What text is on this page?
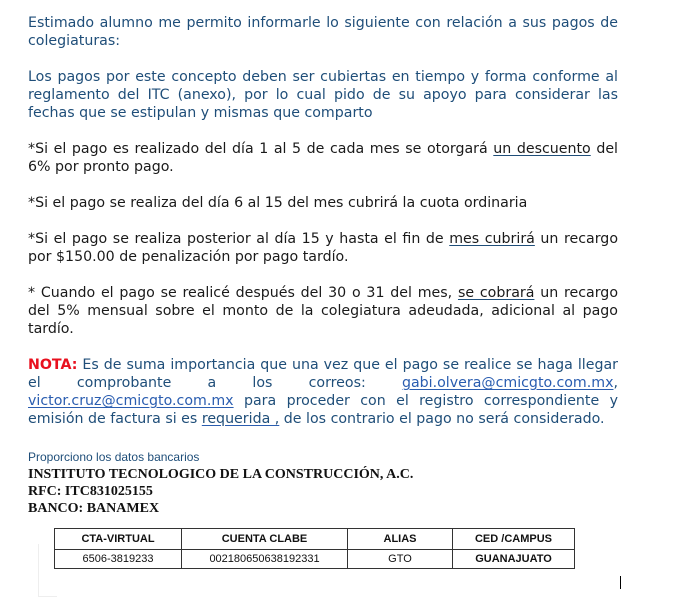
Estimado alumno me permito informarle lo siguiente con relación a sus pagos de colegiaturas:

Los pagos por este concepto deben ser cubiertas en tiempo y forma conforme al reglamento del ITC (anexo), por lo cual pido de su apoyo para considerar las fechas que se estipulan y mismas que comparto

*Si el pago es realizado del día 1 al 5 de cada mes se otorgará un descuento del 6% por pronto pago.

*Si el pago se realiza del día 6 al 15 del mes cubrirá la cuota ordinaria

*Si el pago se realiza posterior al día 15 y hasta el fin de mes cubrirá un recargo por $150.00 de penalización por pago tardío.

* Cuando el pago se realicé después del 30 o 31 del mes, se cobrará un recargo del 5% mensual sobre el monto de la colegiatura adeudada, adicional al pago tardío.

NOTA: Es de suma importancia que una vez que el pago se realice se haga llegar el comprobante a los correos: gabi.olvera@cmicgto.com.mx, victor.cruz@cmicgto.com.mx para proceder con el registro correspondiente y emisión de factura si es requerida , de los contrario el pago no será considerado.

Proporciono los datos bancarios

INSTITUTO TECNOLOGICO DE LA CONSTRUCCIÓN, A.C.

RFC: ITC831025155

BANCO: BANAMEX

CTA-VIRTUAL	CUENTA CLABE	ALIAS	CED /CAMPUS
6506-3819233	002180650638192331	GTO	GUANAJUATO
